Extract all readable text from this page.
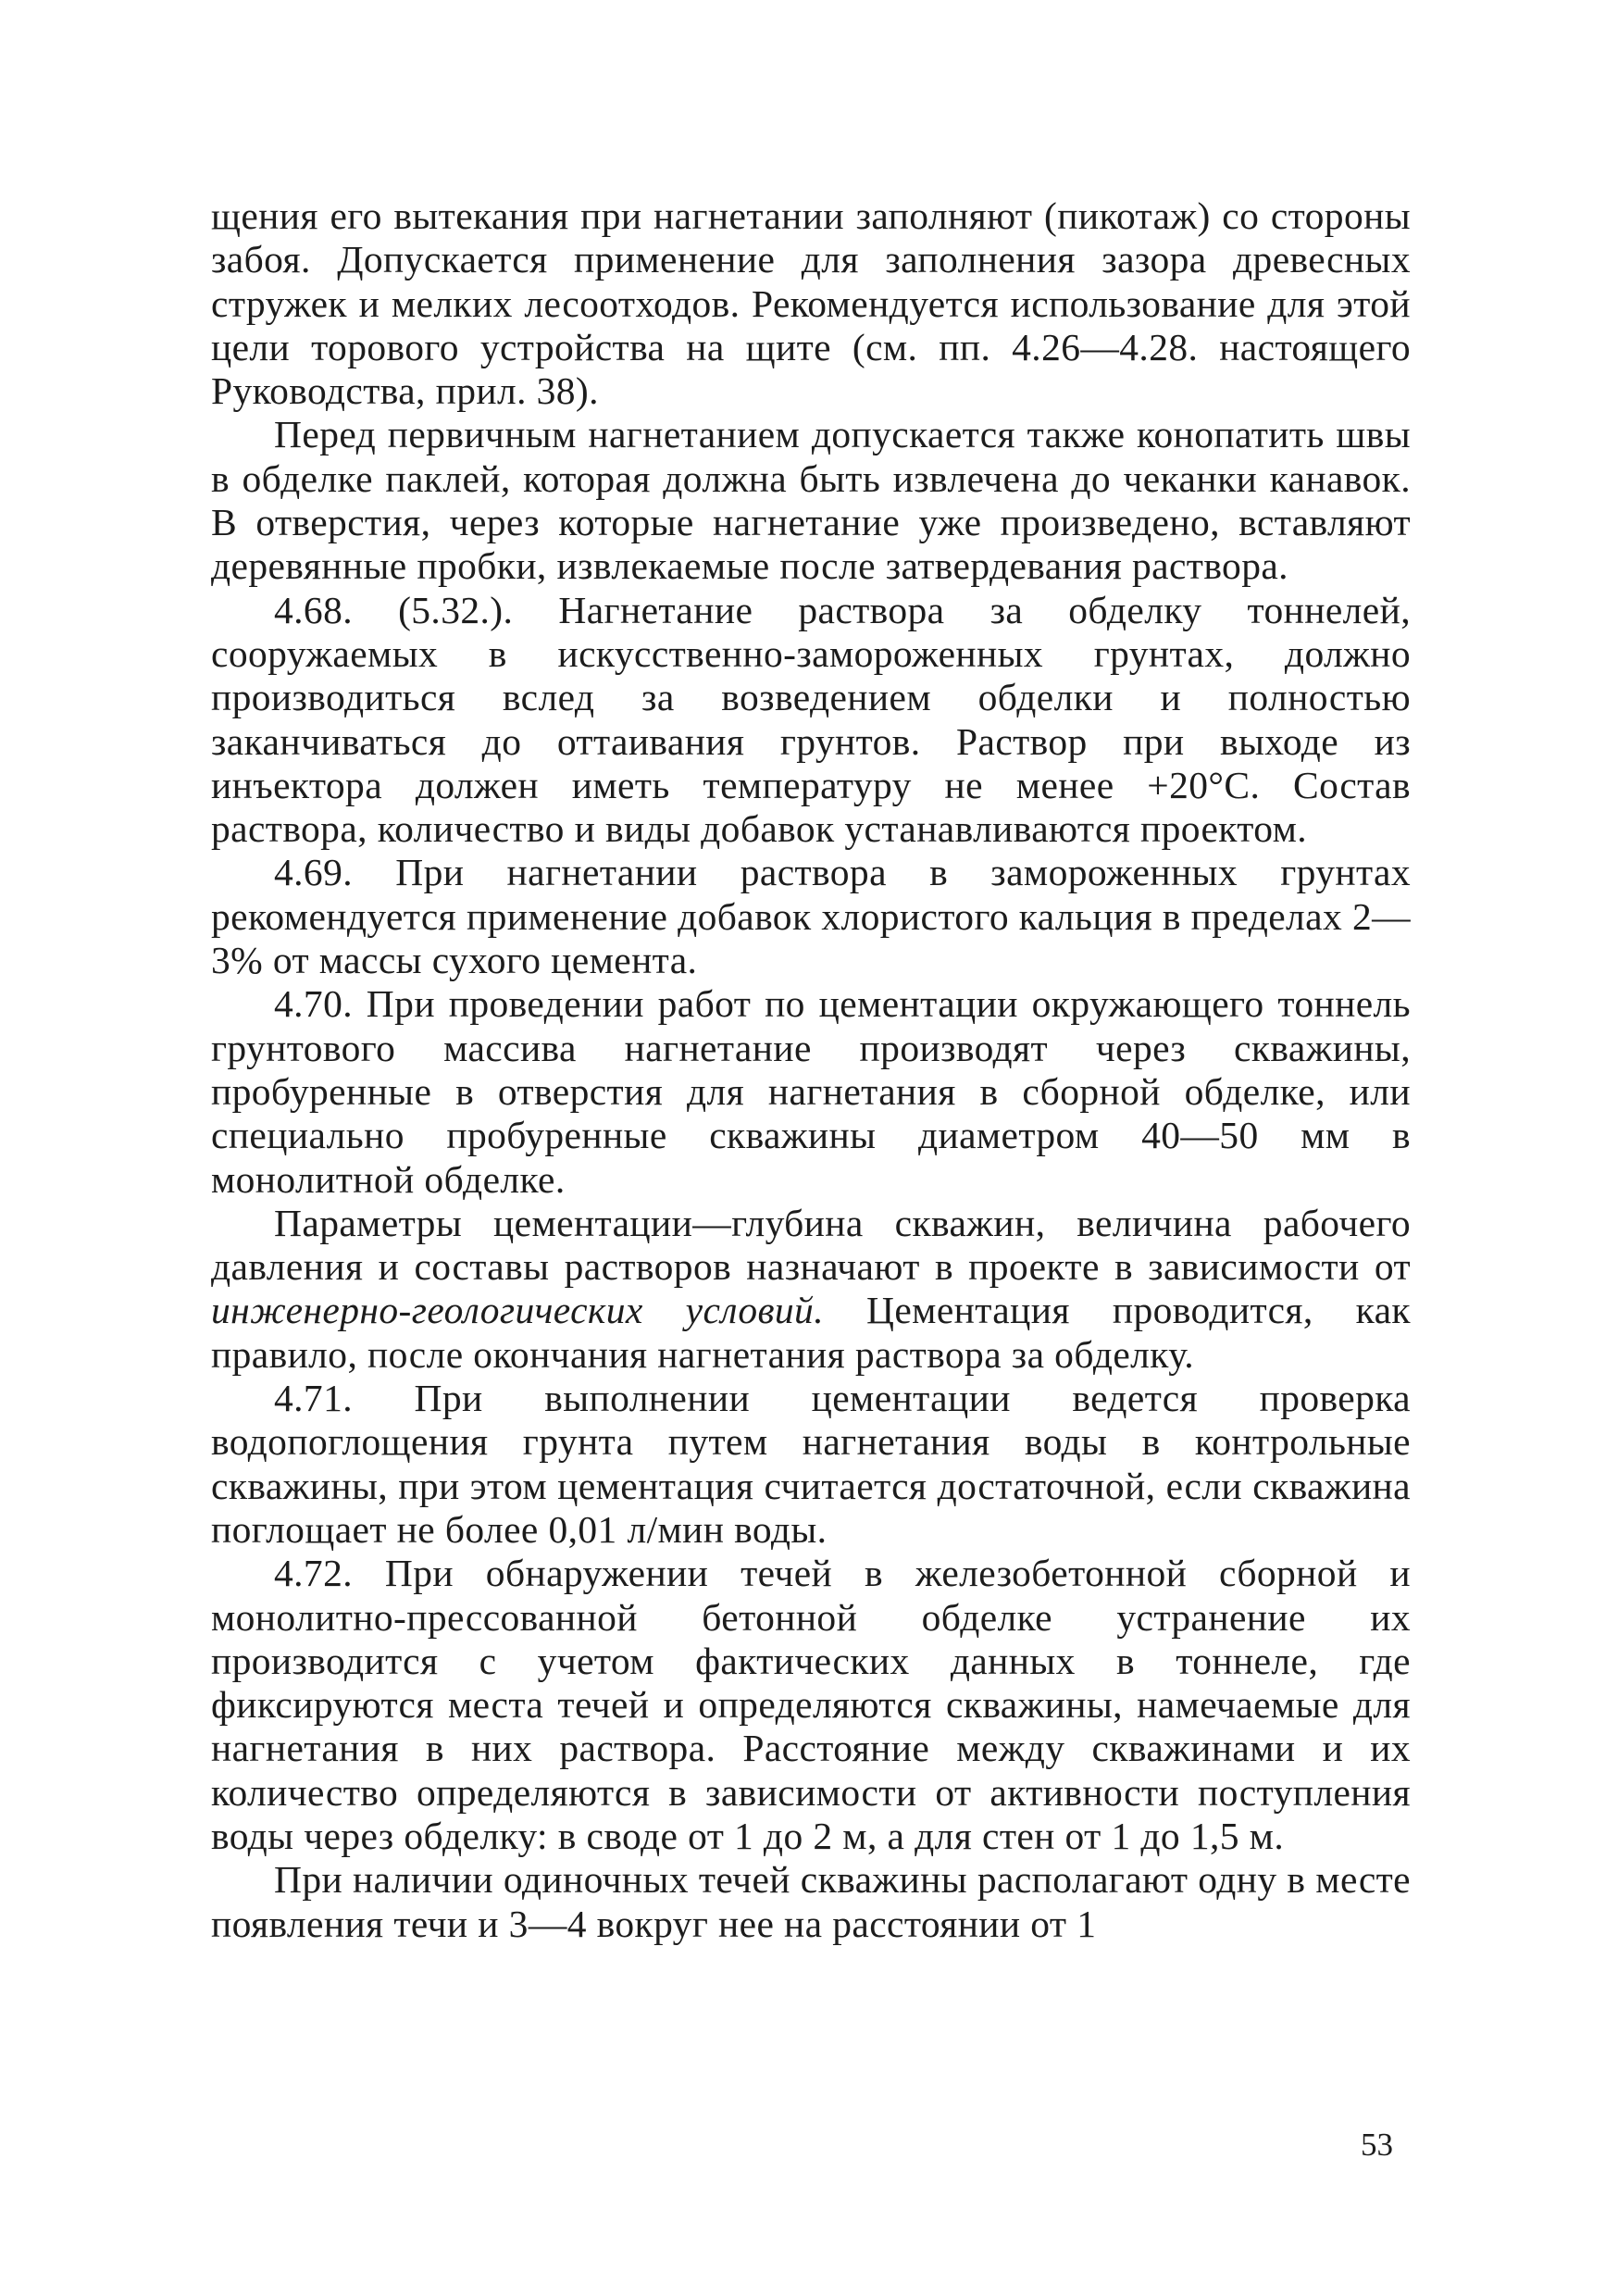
щения его вытекания при нагнетании заполняют (пикотаж) со стороны забоя. Допускается применение для заполнения зазора древесных стружек и мелких лесоотходов. Рекомендуется использование для этой цели торового устройства на щите (см. пп. 4.26—4.28. настоящего Руководства, прил. 38).

Перед первичным нагнетанием допускается также конопатить швы в обделке паклей, которая должна быть извлечена до чеканки канавок. В отверстия, через которые нагнетание уже произведено, вставляют деревянные пробки, извлекаемые после затвердевания раствора.

4.68. (5.32.). Нагнетание раствора за обделку тоннелей, сооружаемых в искусственно-замороженных грунтах, должно производиться вслед за возведением обделки и полностью заканчиваться до оттаивания грунтов. Раствор при выходе из инъектора должен иметь температуру не менее +20°C. Состав раствора, количество и виды добавок устанавливаются проектом.

4.69. При нагнетании раствора в замороженных грунтах рекомендуется применение добавок хлористого кальция в пределах 2—3% от массы сухого цемента.

4.70. При проведении работ по цементации окружающего тоннель грунтового массива нагнетание производят через скважины, пробуренные в отверстия для нагнетания в сборной обделке, или специально пробуренные скважины диаметром 40—50 мм в монолитной обделке.

Параметры цементации—глубина скважин, величина рабочего давления и составы растворов назначают в проекте в зависимости от инженерно-геологических условий. Цементация проводится, как правило, после окончания нагнетания раствора за обделку.

4.71. При выполнении цементации ведется проверка водопоглощения грунта путем нагнетания воды в контрольные скважины, при этом цементация считается достаточной, если скважина поглощает не более 0,01 л/мин воды.

4.72. При обнаружении течей в железобетонной сборной и монолитно-прессованной бетонной обделке устранение их производится с учетом фактических данных в тоннеле, где фиксируются места течей и определяются скважины, намечаемые для нагнетания в них раствора. Расстояние между скважинами и их количество определяются в зависимости от активности поступления воды через обделку: в своде от 1 до 2 м, а для стен от 1 до 1,5 м.

При наличии одиночных течей скважины располагают одну в месте появления течи и 3—4 вокруг нее на расстоянии от 1

53
